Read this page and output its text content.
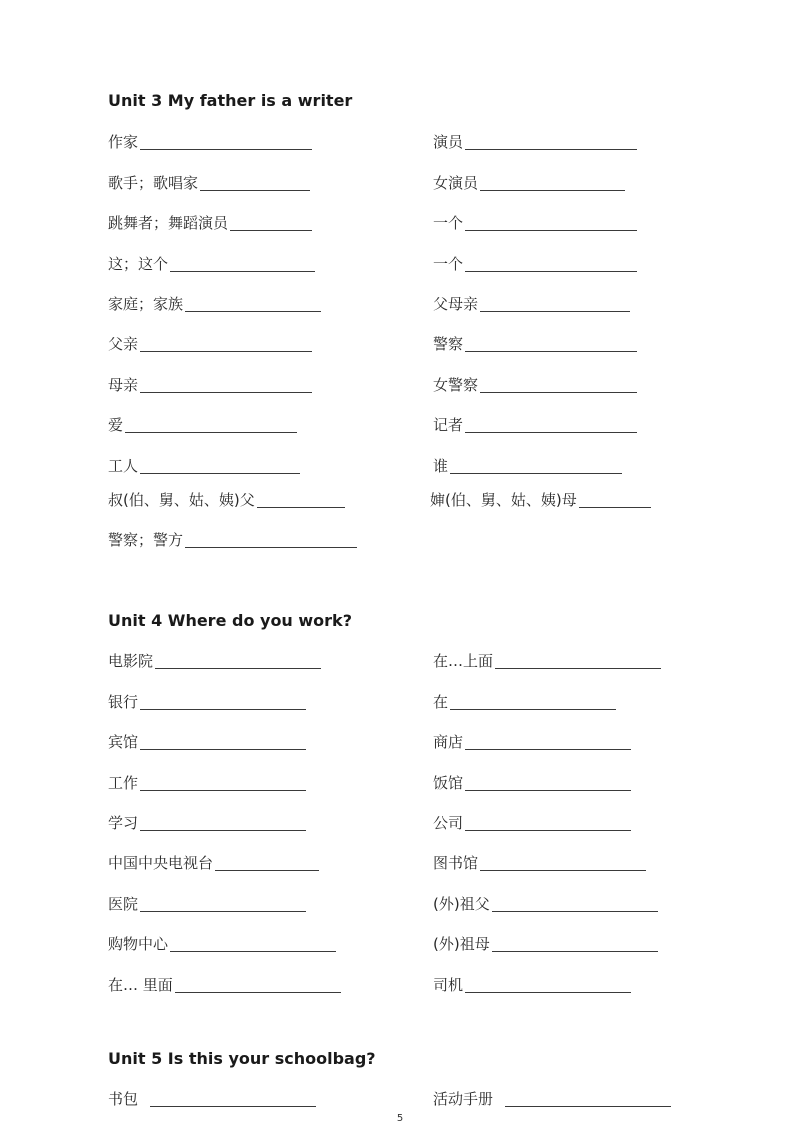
Unit 3 My father is a writer
作家	演员
歌手；歌唱家	女演员
跳舞者；舞蹈演员	一个
这；这个	一个
家庭；家族	父母亲
父亲	警察
母亲	女警察
爱	记者
工人	谁
叔(伯、舅、姑、姨)父	婶(伯、舅、姑、姨)母
警察；警方
Unit 4 Where do you work?
电影院	在…上面
银行	在
宾馆	商店
工作	饭馆
学习	公司
中国中央电视台	图书馆
医院	(外)祖父
购物中心	(外)祖母
在… 里面	司机
Unit 5 Is this your schoolbag?
书包	活动手册
5
